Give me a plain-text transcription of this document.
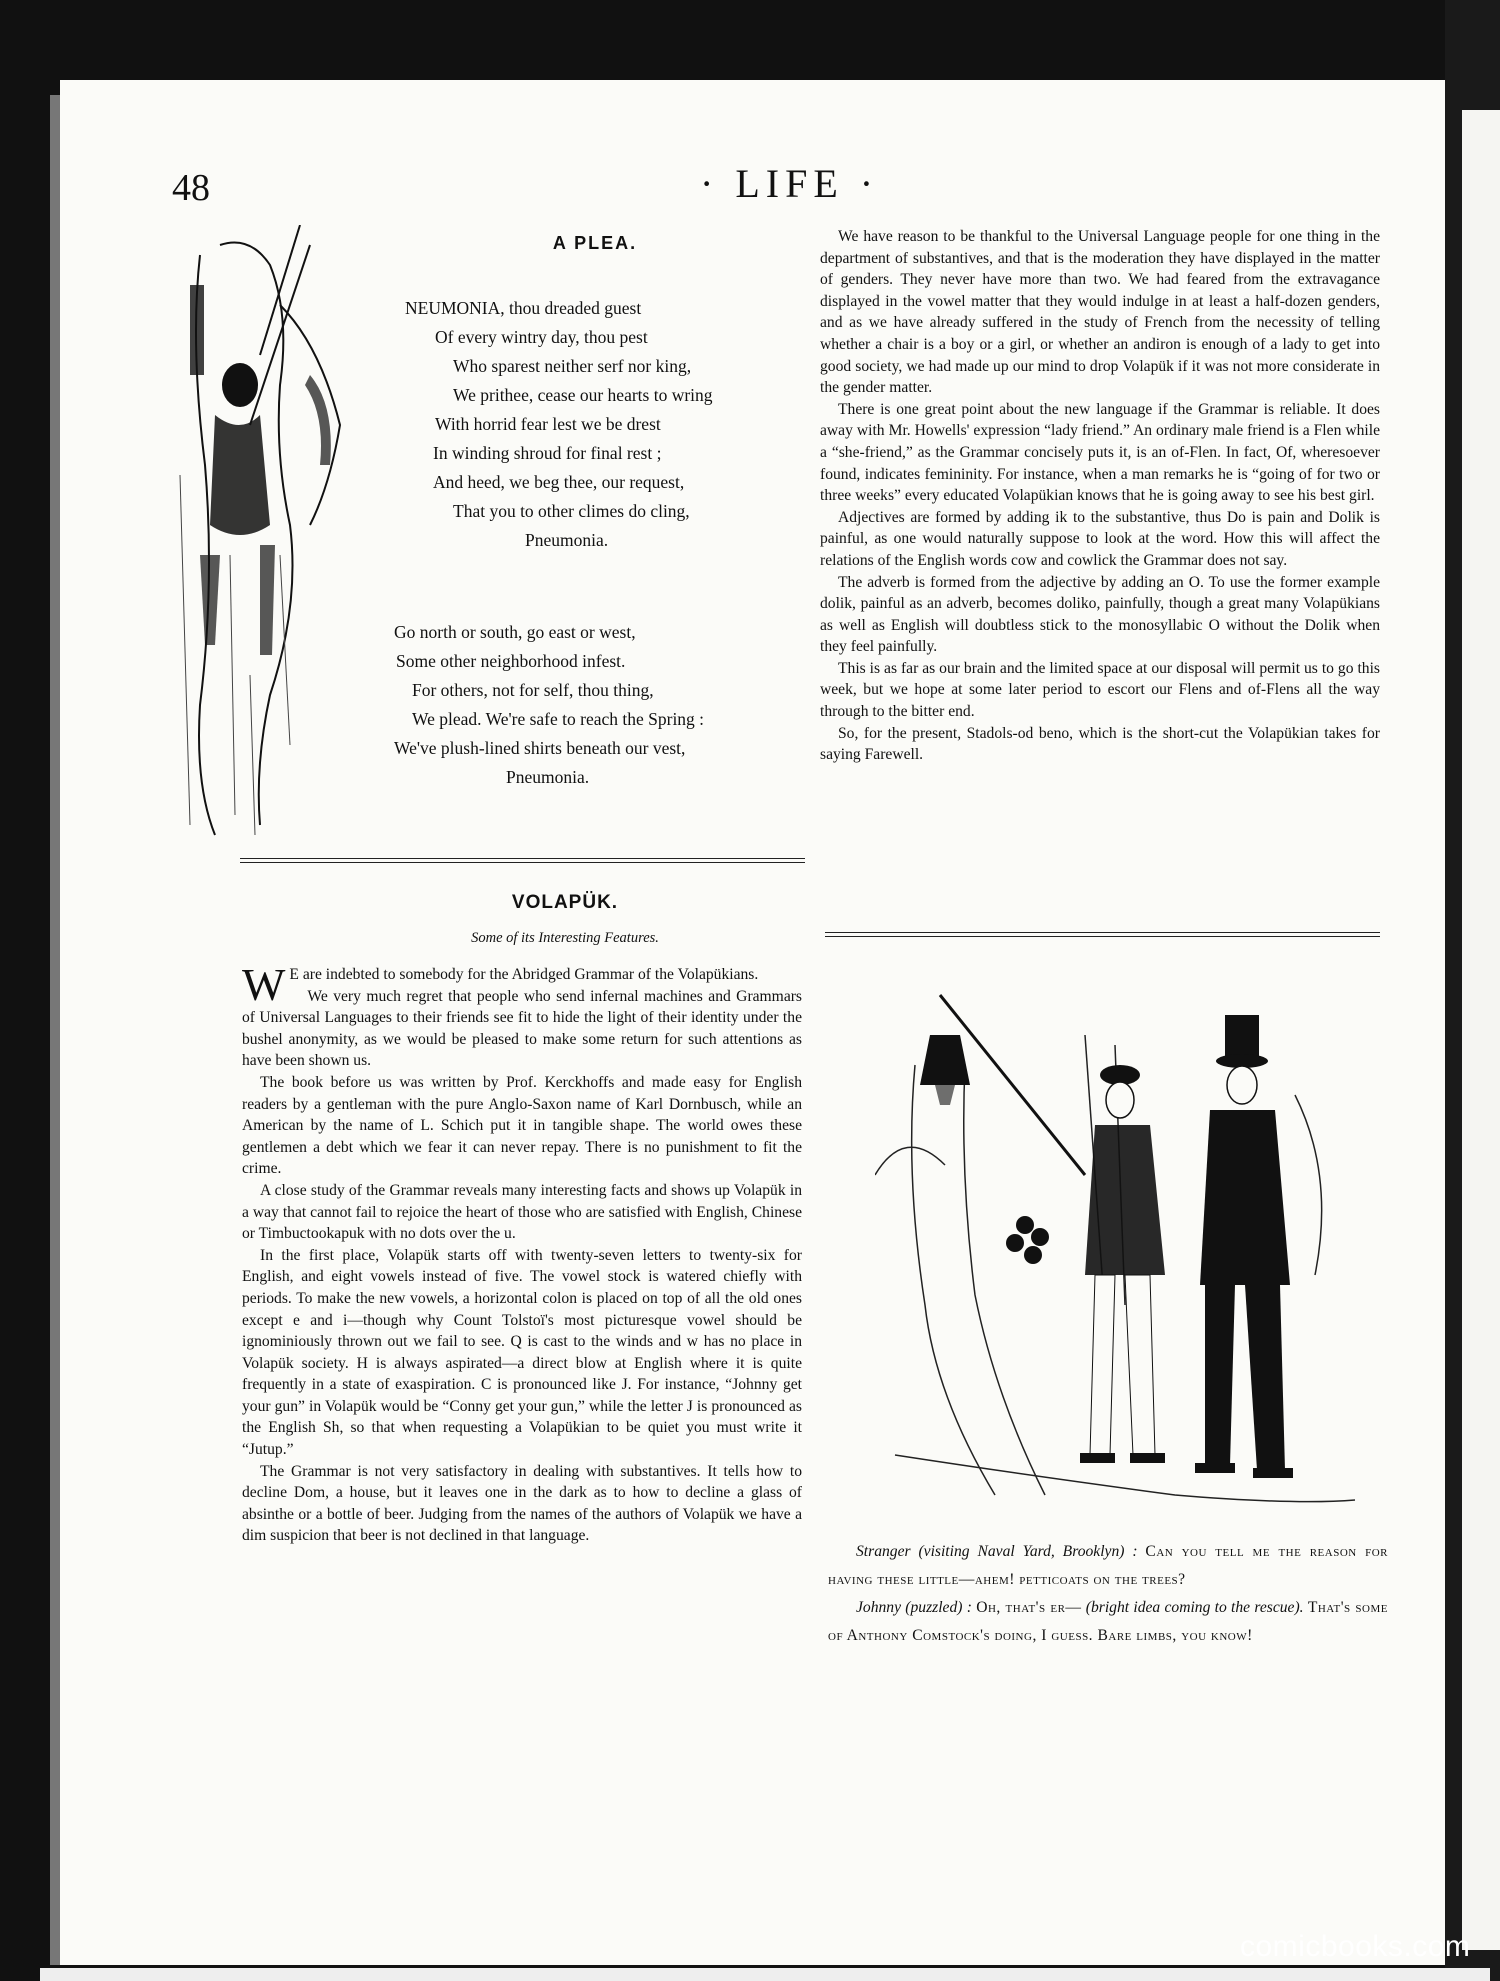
48	· LIFE ·
A PLEA.
NEUMONIA, thou dreaded guest
Of every wintry day, thou pest
Who sparest neither serf nor king,
We prithee, cease our hearts to wring
With horrid fear lest we be drest
In winding shroud for final rest ;
And heed, we beg thee, our request,
That you to other climes do cling,
Pneumonia.
Go north or south, go east or west,
Some other neighborhood infest.
For others, not for self, thou thing,
We plead. We're safe to reach the Spring :
We've plush-lined shirts beneath our vest,
Pneumonia.

We have reason to be thankful to the Universal Language people for one thing in the department of substantives, and that is the moderation they have displayed in the matter of genders. They never have more than two. We had feared from the extravagance displayed in the vowel matter that they would indulge in at least a half-dozen genders, and as we have already suffered in the study of French from the necessity of telling whether a chair is a boy or a girl, or whether an andiron is enough of a lady to get into good society, we had made up our mind to drop Volapük if it was not more considerate in the gender matter.

There is one great point about the new language if the Grammar is reliable. It does away with Mr. Howells' expression “lady friend.” An ordinary male friend is a Flen while a “she-friend,” as the Grammar concisely puts it, is an of-Flen. In fact, Of, wheresoever found, indicates femininity. For instance, when a man remarks he is “going of for two or three weeks” every educated Volapükian knows that he is going away to see his best girl.

Adjectives are formed by adding ik to the substantive, thus Do is pain and Dolik is painful, as one would naturally suppose to look at the word. How this will affect the relations of the English words cow and cowlick the Grammar does not say.

The adverb is formed from the adjective by adding an O. To use the former example dolik, painful as an adverb, becomes doliko, painfully, though a great many Volapükians as well as English will doubtless stick to the monosyllabic O without the Dolik when they feel painfully.

This is as far as our brain and the limited space at our disposal will permit us to go this week, but we hope at some later period to escort our Flens and of-Flens all the way through to the bitter end.

So, for the present, Stadols-od beno, which is the short-cut the Volapükian takes for saying Farewell.

VOLAPÜK.
Some of its Interesting Features.

W E are indebted to somebody for the Abridged Grammar of the Volapükians.

We very much regret that people who send infernal machines and Grammars of Universal Languages to their friends see fit to hide the light of their identity under the bushel anonymity, as we would be pleased to make some return for such attentions as have been shown us.

The book before us was written by Prof. Kerckhoffs and made easy for English readers by a gentleman with the pure Anglo-Saxon name of Karl Dornbusch, while an American by the name of L. Schich put it in tangible shape. The world owes these gentlemen a debt which we fear it can never repay. There is no punishment to fit the crime.

A close study of the Grammar reveals many interesting facts and shows up Volapük in a way that cannot fail to rejoice the heart of those who are satisfied with English, Chinese or Timbuctookapuk with no dots over the u.

In the first place, Volapük starts off with twenty-seven letters to twenty-six for English, and eight vowels instead of five. The vowel stock is watered chiefly with periods. To make the new vowels, a horizontal colon is placed on top of all the old ones except e and i—though why Count Tolstoï's most picturesque vowel should be ignominiously thrown out we fail to see. Q is cast to the winds and w has no place in Volapük society. H is always aspirated—a direct blow at English where it is quite frequently in a state of exaspiration. C is pronounced like J. For instance, “Johnny get your gun” in Volapük would be “Conny get your gun,” while the letter J is pronounced as the English Sh, so that when requesting a Volapükian to be quiet you must write it “Jutup.”

The Grammar is not very satisfactory in dealing with substantives. It tells how to decline Dom, a house, but it leaves one in the dark as to how to decline a glass of absinthe or a bottle of beer. Judging from the names of the authors of Volapük we have a dim suspicion that beer is not declined in that language.

Stranger (visiting Naval Yard, Brooklyn) : Can you tell me the reason for having these little—ahem! petticoats on the trees?

Johnny (puzzled) : Oh, that's er— (bright idea coming to the rescue). That's some of Anthony Comstock's doing, I guess. Bare limbs, you know!

comicbooks.com
